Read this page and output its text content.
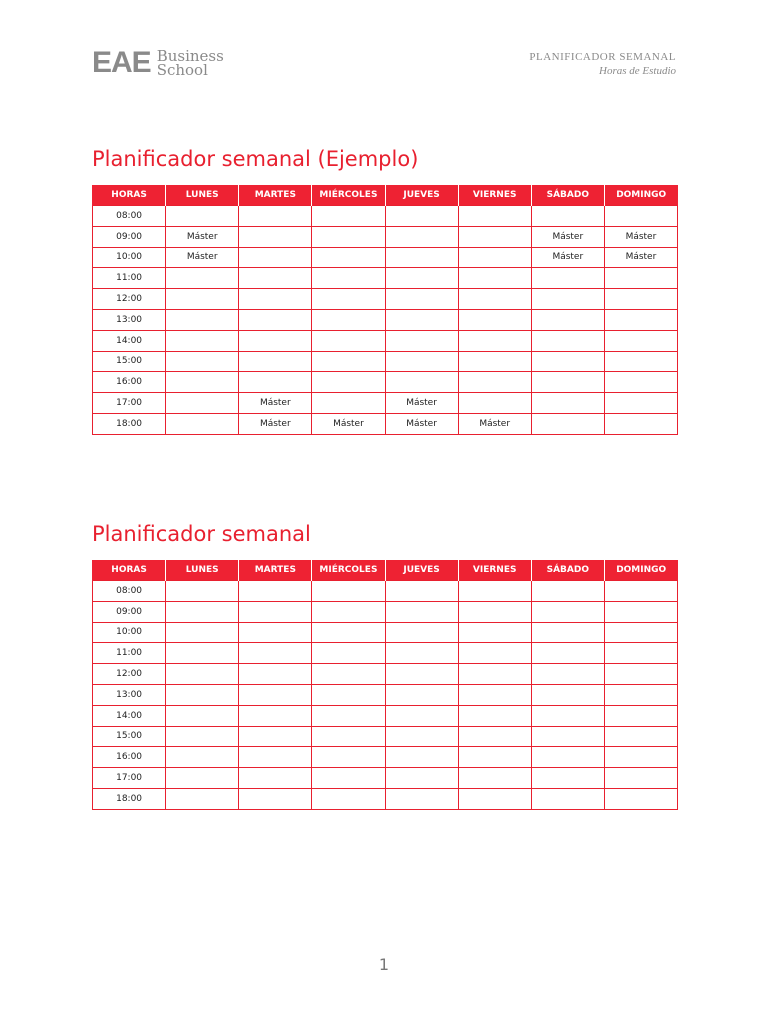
EAE Business
School
PLANIFICADOR SEMANAL
Horas de Estudio
Planificador semanal (Ejemplo)
HORAS	LUNES	MARTES	MIÉRCOLES	JUEVES	VIERNES	SÁBADO	DOMINGO
08:00							
09:00	Máster					Máster	Máster
10:00	Máster					Máster	Máster
11:00							
12:00							
13:00							
14:00							
15:00							
16:00							
17:00		Máster		Máster			
18:00		Máster	Máster	Máster	Máster		
Planificador semanal
HORAS	LUNES	MARTES	MIÉRCOLES	JUEVES	VIERNES	SÁBADO	DOMINGO
08:00							
09:00							
10:00							
11:00							
12:00							
13:00							
14:00							
15:00							
16:00							
17:00							
18:00							
1
